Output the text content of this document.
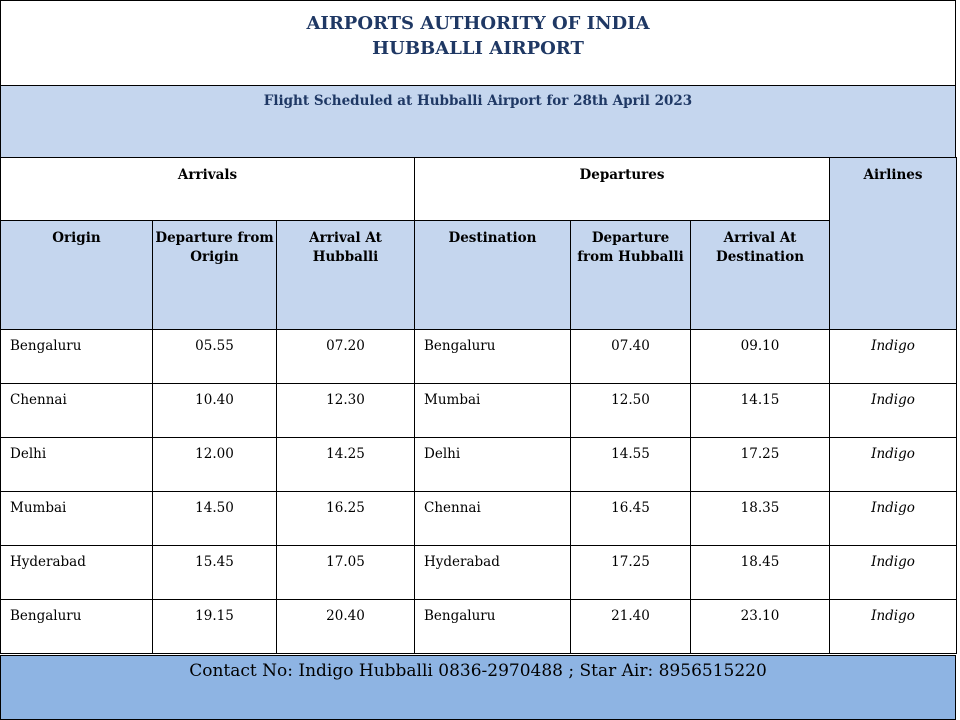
AIRPORTS AUTHORITY OF INDIA
HUBBALLI AIRPORT
Flight Scheduled at Hubballi Airport for 28th April 2023
Arrivals			Departures			Airlines
Origin	Departure from Origin	Arrival At Hubballi	Destination	Departure from Hubballi	Arrival At Destination	
Bengaluru	05.55	07.20	Bengaluru	07.40	09.10	Indigo
Chennai	10.40	12.30	Mumbai	12.50	14.15	Indigo
Delhi	12.00	14.25	Delhi	14.55	17.25	Indigo
Mumbai	14.50	16.25	Chennai	16.45	18.35	Indigo
Hyderabad	15.45	17.05	Hyderabad	17.25	18.45	Indigo
Bengaluru	19.15	20.40	Bengaluru	21.40	23.10	Indigo
Contact No: Indigo Hubballi 0836-2970488 ; Star Air: 8956515220
